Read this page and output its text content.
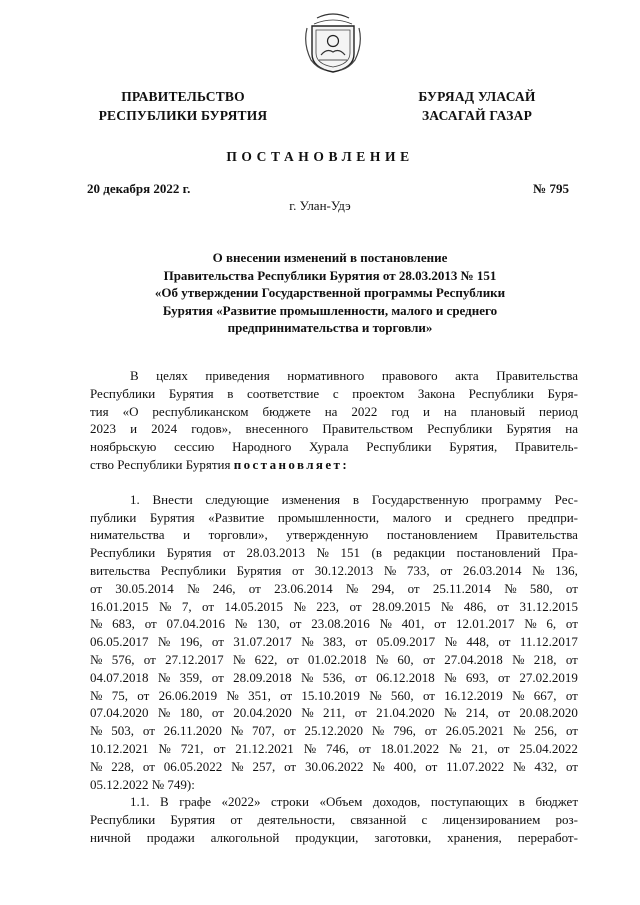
ПРАВИТЕЛЬСТВО
РЕСПУБЛИКИ БУРЯТИЯ
БУРЯАД УЛАСАЙ
ЗАСАГАЙ ГАЗАР
ПОСТАНОВЛЕНИЕ
20 декабря 2022 г.	№ 795
г. Улан-Удэ
О внесении изменений в постановление
Правительства Республики Бурятия от 28.03.2013 № 151
«Об утверждении Государственной программы Республики
Бурятия «Развитие промышленности, малого и среднего
предпринимательства и торговли»
В целях приведения нормативного правового акта Правительства
Республики Бурятия в соответствие с проектом Закона Республики Буря-
тия «О республиканском бюджете на 2022 год и на плановый период
2023 и 2024 годов», внесенного Правительством Республики Бурятия на
ноябрьскую сессию Народного Хурала Республики Бурятия, Правитель-
ство Республики Бурятия постановляет:
1. Внести следующие изменения в Государственную программу Рес-
публики Бурятия «Развитие промышленности, малого и среднего предпри-
нимательства и торговли», утвержденную постановлением Правительства
Республики Бурятия от 28.03.2013 № 151 (в редакции постановлений Пра-
вительства Республики Бурятия от 30.12.2013 № 733, от 26.03.2014 № 136,
от 30.05.2014 № 246, от 23.06.2014 № 294, от 25.11.2014 № 580, от
16.01.2015 № 7, от 14.05.2015 № 223, от 28.09.2015 № 486, от 31.12.2015
№ 683, от 07.04.2016 № 130, от 23.08.2016 № 401, от 12.01.2017 № 6, от
06.05.2017 № 196, от 31.07.2017 № 383, от 05.09.2017 № 448, от 11.12.2017
№ 576, от 27.12.2017 № 622, от 01.02.2018 № 60, от 27.04.2018 № 218, от
04.07.2018 № 359, от 28.09.2018 № 536, от 06.12.2018 № 693, от 27.02.2019
№ 75, от 26.06.2019 № 351, от 15.10.2019 № 560, от 16.12.2019 № 667, от
07.04.2020 № 180, от 20.04.2020 № 211, от 21.04.2020 № 214, от 20.08.2020
№ 503, от 26.11.2020 № 707, от 25.12.2020 № 796, от 26.05.2021 № 256, от
10.12.2021 № 721, от 21.12.2021 № 746, от 18.01.2022 № 21, от 25.04.2022
№ 228, от 06.05.2022 № 257, от 30.06.2022 № 400, от 11.07.2022 № 432, от
05.12.2022 № 749):
1.1. В графе «2022» строки «Объем доходов, поступающих в бюджет
Республики Бурятия от деятельности, связанной с лицензированием роз-
ничной продажи алкогольной продукции, заготовки, хранения, переработ-
